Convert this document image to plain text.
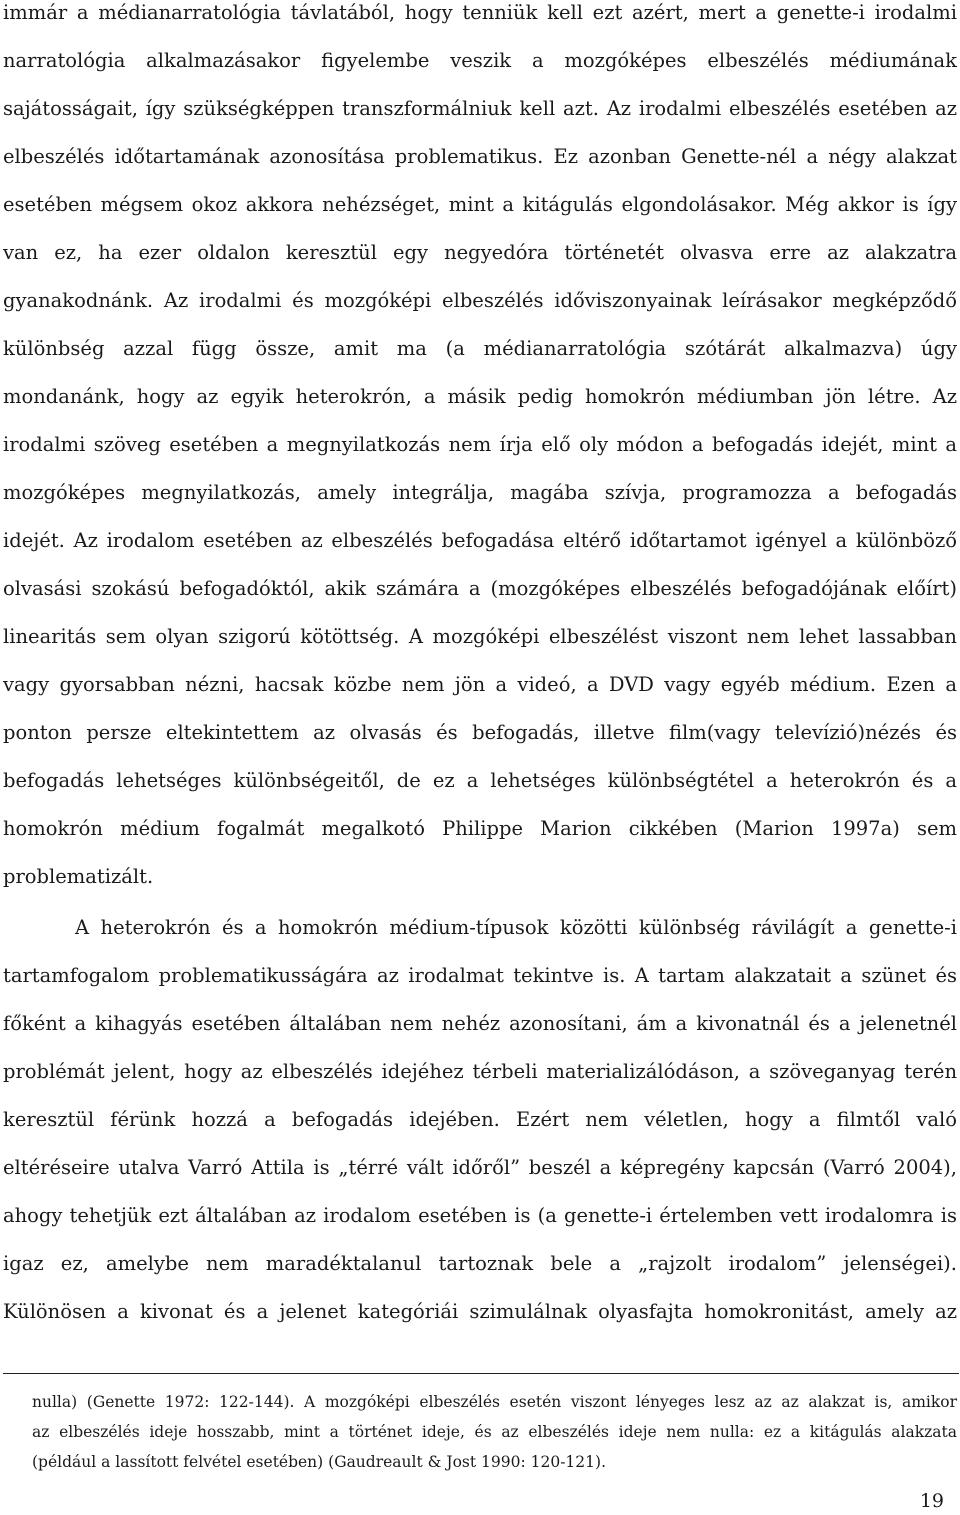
immár a médianarratológia távlatából, hogy tenniük kell ezt azért, mert a genette-i irodalmi
narratológia alkalmazásakor figyelembe veszik a mozgóképes elbeszélés médiumának
sajátosságait, így szükségképpen transzformálniuk kell azt. Az irodalmi elbeszélés esetében az
elbeszélés időtartamának azonosítása problematikus. Ez azonban Genette-nél a négy alakzat
esetében mégsem okoz akkora nehézséget, mint a kitágulás elgondolásakor. Még akkor is így
van ez, ha ezer oldalon keresztül egy negyedóra történetét olvasva erre az alakzatra
gyanakodnánk. Az irodalmi és mozgóképi elbeszélés időviszonyainak leírásakor megképződő
különbség azzal függ össze, amit ma (a médianarratológia szótárát alkalmazva) úgy
mondanánk, hogy az egyik heterokrón, a másik pedig homokrón médiumban jön létre. Az
irodalmi szöveg esetében a megnyilatkozás nem írja elő oly módon a befogadás idejét, mint a
mozgóképes megnyilatkozás, amely integrálja, magába szívja, programozza a befogadás
idejét. Az irodalom esetében az elbeszélés befogadása eltérő időtartamot igényel a különböző
olvasási szokású befogadóktól, akik számára a (mozgóképes elbeszélés befogadójának előírt)
linearitás sem olyan szigorú kötöttség. A mozgóképi elbeszélést viszont nem lehet lassabban
vagy gyorsabban nézni, hacsak közbe nem jön a videó, a DVD vagy egyéb médium. Ezen a
ponton persze eltekintettem az olvasás és befogadás, illetve film(vagy televízió)nézés és
befogadás lehetséges különbségeitől, de ez a lehetséges különbségtétel a heterokrón és a
homokrón médium fogalmát megalkotó Philippe Marion cikkében (Marion 1997a) sem
problematizált.
A heterokrón és a homokrón médium-típusok közötti különbség rávilágít a genette-i
tartamfogalom problematikusságára az irodalmat tekintve is. A tartam alakzatait a szünet és
főként a kihagyás esetében általában nem nehéz azonosítani, ám a kivonatnál és a jelenetnél
problémát jelent, hogy az elbeszélés idejéhez térbeli materializálódáson, a szöveganyag terén
keresztül férünk hozzá a befogadás idejében. Ezért nem véletlen, hogy a filmtől való
eltéréseire utalva Varró Attila is „térré vált időről” beszél a képregény kapcsán (Varró 2004),
ahogy tehetjük ezt általában az irodalom esetében is (a genette-i értelemben vett irodalomra is
igaz ez, amelybe nem maradéktalanul tartoznak bele a „rajzolt irodalom” jelenségei).
Különösen a kivonat és a jelenet kategóriái szimulálnak olyasfajta homokronitást, amely az
nulla) (Genette 1972: 122-144). A mozgóképi elbeszélés esetén viszont lényeges lesz az az alakzat is, amikor
az elbeszélés ideje hosszabb, mint a történet ideje, és az elbeszélés ideje nem nulla: ez a kitágulás alakzata
(például a lassított felvétel esetében) (Gaudreault & Jost 1990: 120-121).
19
